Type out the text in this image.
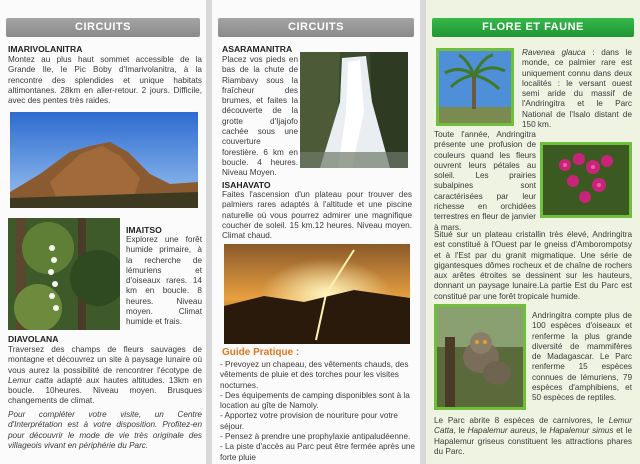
CIRCUITS
IMARIVOLANITRA
Montez au plus haut sommet accessible de la Grande Ile, le Pic Boby d'Imarivolanitra, à la rencontre des splendides et unique habitats altimontanes. 28km en aller-retour. 2 jours. Difficile, avec des pentes très raides.
IMAITSO
Explorez une forêt humide primaire, à la recherche de lémuriens et d'oiseaux rares. 14 km en boucle. 8 heures. Niveau moyen. Climat humide et frais.
DIAVOLANA
Traversez des champs de fleurs sauvages de montagne et découvrez un site à paysage lunaire où vous aurez la possibilité de rencontrer l'écotype de Lemur catta adapté aux hautes altitudes. 13km en boucle. 10heures. Niveau moyen. Brusques changements de climat.
Pour compléter votre visite, un Centre d'Interprétation est à votre disposition. Profitez-en pour découvrir le mode de vie très originale des villageois vivant en périphérie du Parc.
CIRCUITS
ASARAMANITRA
Placez vos pieds en bas de la chute de Riambavy sous la fraîcheur des brumes, et faites la découverte de la grotte d'Ijajofo cachée sous une couverture forestière. 6 km en boucle. 4 heures. Niveau Moyen.
ISAHAVATO
Faites l'ascension d'un plateau pour trouver des palmiers rares adaptés à l'altitude et une piscine naturelle où vous pourrez admirer une magnifique coucher de soleil. 15 km.12 heures. Niveau moyen. Climat chaud.
Guide Pratique :
- Prevoyez un chapeau, des vêtements chauds, des vêtements de pluie et des torches pour les visites nocturnes.
- Des équipements de camping disponibles sont à la location au gîte de Namoly.
- Apportez votre provision de nouriture pour votre séjour.
- Pensez à prendre une prophylaxie antipaludéenne.
- La piste d'accès au Parc peut être fermée après une forte pluie
FLORE ET FAUNE
Ravenea glauca : dans le monde, ce palmier rare est uniquement connu dans deux localités : le versant ouest semi aride du massif de l'Andringitra et le Parc National de l'Isalo distant de 150 km.
Toute l'année, Andringitra présente une profusion de couleurs quand les fleurs ouvrent leurs pétales au soleil. Les prairies subalpines sont caractérisées par leur richesse en orchidées terrestres en fleur de janvier à mars.
Situé sur un plateau cristallin très élevé, Andringitra est constitué à l'Ouest par le gneiss d'Amborompotsy et à l'Est par du granit migmatique. Une série de gigantesques dômes rocheux et de chaîne de rochers aux arêtes étroites se dessinent sur les hauteurs, donnant un paysage lunaire.La partie Est du Parc est constitué par une forêt tropicale humide.
Andringitra compte plus de 100 espèces d'oiseaux et renferme la plus grande diversité de mammifères de Madagascar. Le Parc renferme 15 espèces connues de lémuriens, 79 espèces d'amphibiens, et 50 espèces de reptiles.
Le Parc abrite 8 espèces de carnivores, le Lemur Catta, le Hapalemur aureus, le Hapalemur simus et le Hapalemur griseus constituent les attractions phares du Parc.
